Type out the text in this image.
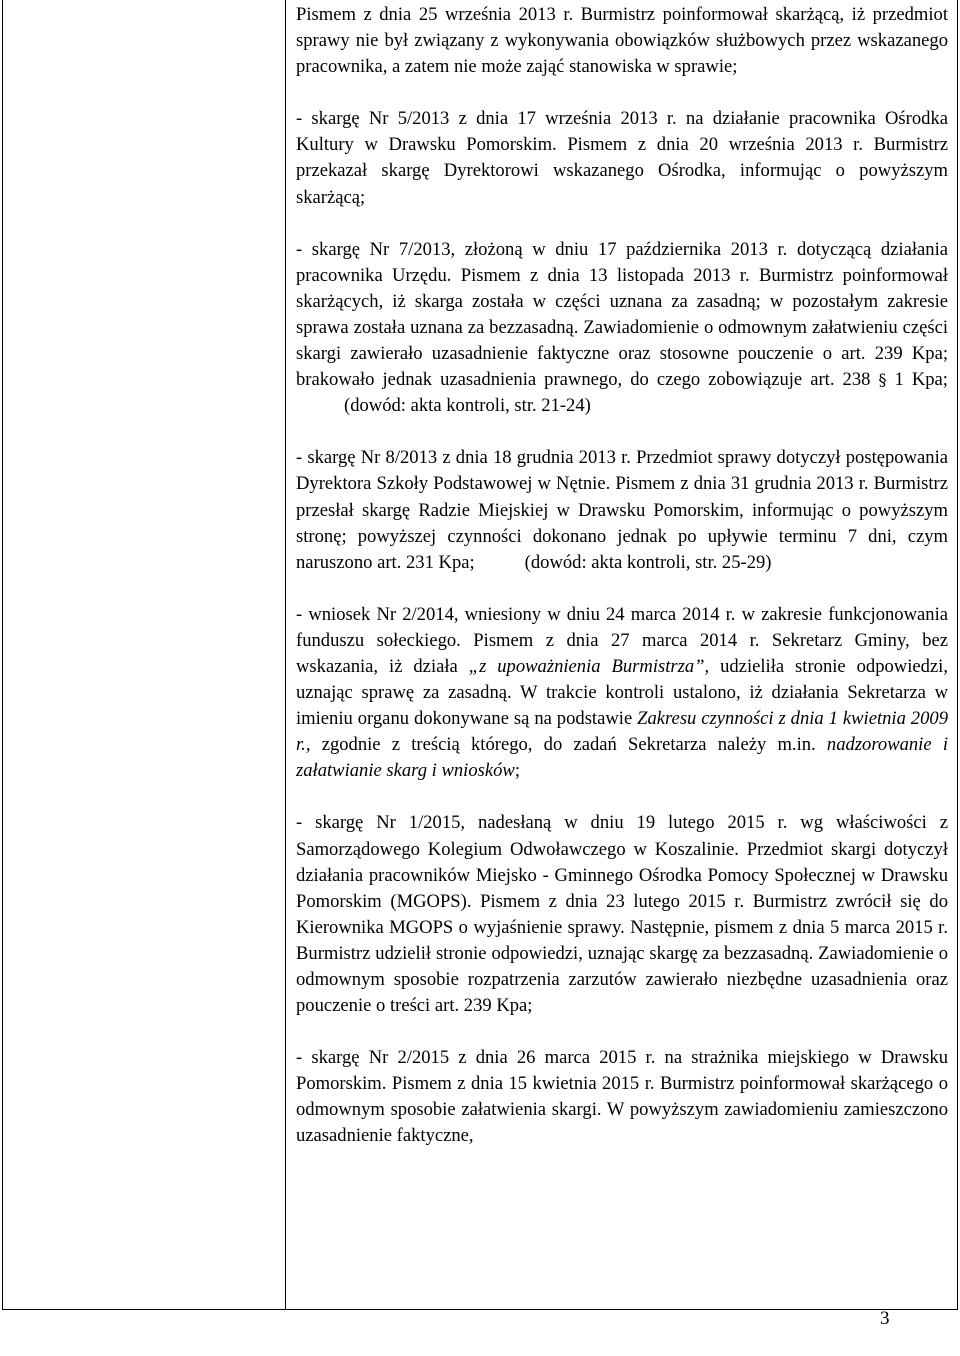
Pismem z dnia 25 września 2013 r. Burmistrz poinformował skarżącą, iż przedmiot sprawy nie był związany z wykonywania obowiązków służbowych przez wskazanego pracownika, a zatem nie może zająć stanowiska w sprawie;

- skargę Nr 5/2013 z dnia 17 września 2013 r. na działanie pracownika Ośrodka Kultury w Drawsku Pomorskim. Pismem z dnia 20 września 2013 r. Burmistrz przekazał skargę Dyrektorowi wskazanego Ośrodka, informując o powyższym skarżącą;

- skargę Nr 7/2013, złożoną w dniu 17 października 2013 r. dotyczącą działania pracownika Urzędu. Pismem z dnia 13 listopada 2013 r. Burmistrz poinformował skarżących, iż skarga została w części uznana za zasadną; w pozostałym zakresie sprawa została uznana za bezzasadną. Zawiadomienie o odmownym załatwieniu części skargi zawierało uzasadnienie faktyczne oraz stosowne pouczenie o art. 239 Kpa; brakowało jednak uzasadnienia prawnego, do czego zobowiązuje art. 238 § 1 Kpa;(dowód: akta kontroli, str. 21-24)

- skargę Nr 8/2013 z dnia 18 grudnia 2013 r. Przedmiot sprawy dotyczył postępowania Dyrektora Szkoły Podstawowej w Nętnie. Pismem z dnia 31 grudnia 2013 r. Burmistrz przesłał skargę Radzie Miejskiej w Drawsku Pomorskim, informując o powyższym stronę; powyższej czynności dokonano jednak po upływie terminu 7 dni, czym naruszono art. 231 Kpa;	(dowód: akta kontroli, str. 25-29)

- wniosek Nr 2/2014, wniesiony w dniu 24 marca 2014 r. w zakresie funkcjonowania funduszu sołeckiego. Pismem z dnia 27 marca 2014 r. Sekretarz Gminy, bez wskazania, iż działa „z upoważnienia Burmistrza”, udzieliła stronie odpowiedzi, uznając sprawę za zasadną. W trakcie kontroli ustalono, iż działania Sekretarza w imieniu organu dokonywane są na podstawie Zakresu czynności z dnia 1 kwietnia 2009 r., zgodnie z treścią którego, do zadań Sekretarza należy m.in. nadzorowanie i załatwianie skarg i wniosków;

- skargę Nr 1/2015, nadesłaną w dniu 19 lutego 2015 r. wg właściwości z Samorządowego Kolegium Odwoławczego w Koszalinie. Przedmiot skargi dotyczył działania pracowników Miejsko - Gminnego Ośrodka Pomocy Społecznej w Drawsku Pomorskim (MGOPS). Pismem z dnia 23 lutego 2015 r. Burmistrz zwrócił się do Kierownika MGOPS o wyjaśnienie sprawy. Następnie, pismem z dnia 5 marca 2015 r. Burmistrz udzielił stronie odpowiedzi, uznając skargę za bezzasadną. Zawiadomienie o odmownym sposobie rozpatrzenia zarzutów zawierało niezbędne uzasadnienia oraz pouczenie o treści art. 239 Kpa;

- skargę Nr 2/2015 z dnia 26 marca 2015 r. na strażnika miejskiego w Drawsku Pomorskim. Pismem z dnia 15 kwietnia 2015 r. Burmistrz poinformował skarżącego o odmownym sposobie załatwienia skargi. W powyższym zawiadomieniu zamieszczono uzasadnienie faktyczne,

3
